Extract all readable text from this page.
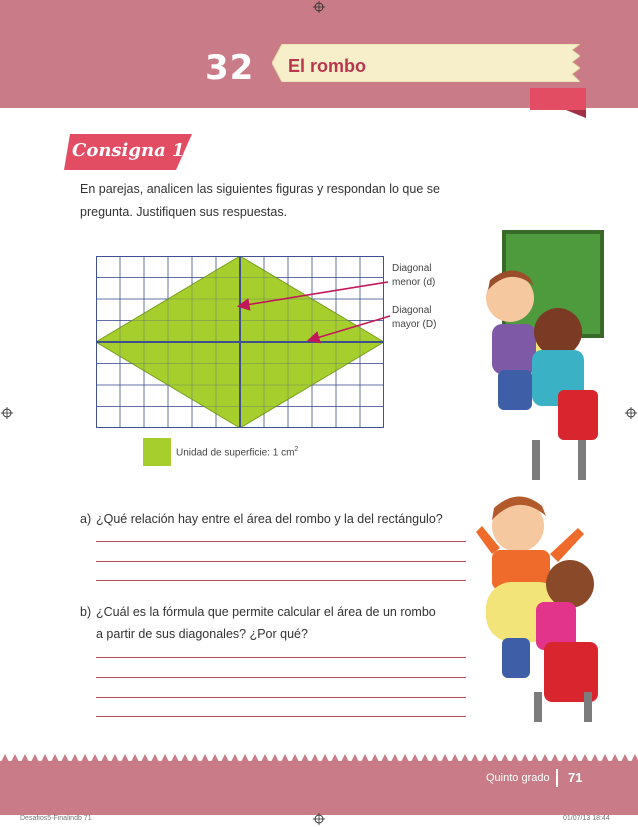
32 El rombo
Consigna 1
En parejas, analicen las siguientes figuras y respondan lo que se pregunta. Justifiquen sus respuestas.
Diagonal
menor (d)
Diagonal
mayor (D)
Unidad de superficie: 1 $cm^2$
a) ¿Qué relación hay entre el área del rombo y la del rectángulo?
b) ¿Cuál es la fórmula que permite calcular el área de un rombo
a partir de sus diagonales? ¿Por qué?
Quinto grado 71
Desafios5-Finalindb 71	01/07/13 18:44
